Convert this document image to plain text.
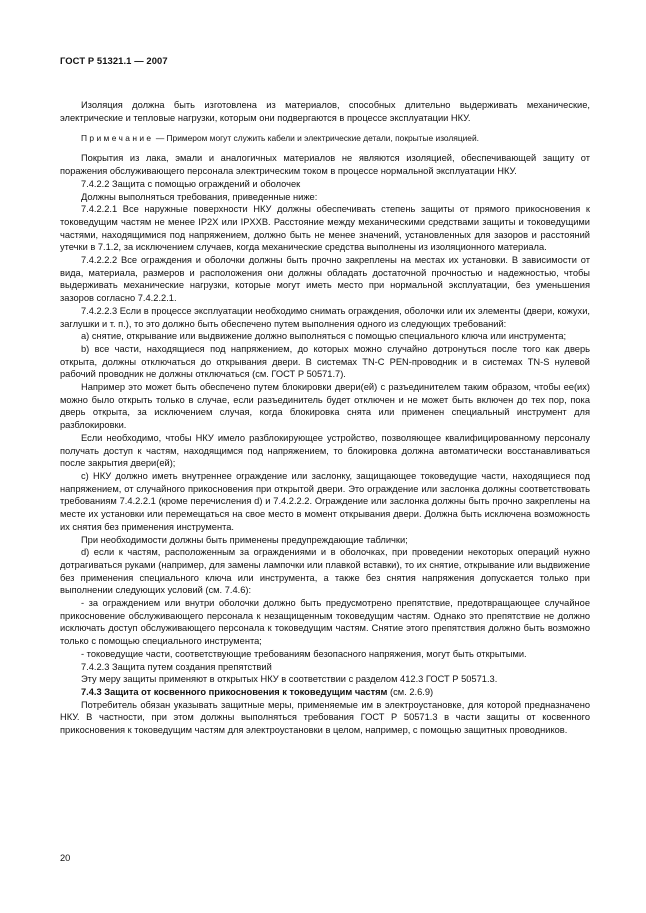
ГОСТ Р 51321.1 — 2007

Изоляция должна быть изготовлена из материалов, способных длительно выдерживать механические, электрические и тепловые нагрузки, которым они подвергаются в процессе эксплуатации НКУ.

Примечание — Примером могут служить кабели и электрические детали, покрытые изоляцией.

Покрытия из лака, эмали и аналогичных материалов не являются изоляцией, обеспечивающей защиту от поражения обслуживающего персонала электрическим током в процессе нормальной эксплуатации НКУ.

7.4.2.2 Защита с помощью ограждений и оболочек

Должны выполняться требования, приведенные ниже:

7.4.2.2.1 Все наружные поверхности НКУ должны обеспечивать степень защиты от прямого прикосновения к токоведущим частям не менее IP2X или IPXXB. Расстояние между механическими средствами защиты и токоведущими частями, находящимися под напряжением, должно быть не менее значений, установленных для зазоров и расстояний утечки в 7.1.2, за исключением случаев, когда механические средства выполнены из изоляционного материала.

7.4.2.2.2 Все ограждения и оболочки должны быть прочно закреплены на местах их установки. В зависимости от вида, материала, размеров и расположения они должны обладать достаточной прочностью и надежностью, чтобы выдерживать механические нагрузки, которые могут иметь место при нормальной эксплуатации, без уменьшения зазоров согласно 7.4.2.2.1.

7.4.2.2.3 Если в процессе эксплуатации необходимо снимать ограждения, оболочки или их элементы (двери, кожухи, заглушки и т. п.), то это должно быть обеспечено путем выполнения одного из следующих требований:

a) снятие, открывание или выдвижение должно выполняться с помощью специального ключа или инструмента;

b) все части, находящиеся под напряжением, до которых можно случайно дотронуться после того как дверь открыта, должны отключаться до открывания двери. В системах TN-C PEN-проводник и в системах TN-S нулевой рабочий проводник не должны отключаться (см. ГОСТ Р 50571.7).

Например это может быть обеспечено путем блокировки двери(ей) с разъединителем таким образом, чтобы ее(их) можно было открыть только в случае, если разъединитель будет отключен и не может быть включен до тех пор, пока дверь открыта, за исключением случая, когда блокировка снята или применен специальный инструмент для разблокировки.

Если необходимо, чтобы НКУ имело разблокирующее устройство, позволяющее квалифицированному персоналу получать доступ к частям, находящимся под напряжением, то блокировка должна автоматически восстанавливаться после закрытия двери(ей);

c) НКУ должно иметь внутреннее ограждение или заслонку, защищающее токоведущие части, находящиеся под напряжением, от случайного прикосновения при открытой двери. Это ограждение или заслонка должны соответствовать требованиям 7.4.2.2.1 (кроме перечисления d) и 7.4.2.2.2. Ограждение или заслонка должны быть прочно закреплены на месте их установки или перемещаться на свое место в момент открывания двери. Должна быть исключена возможность их снятия без применения инструмента.

При необходимости должны быть применены предупреждающие таблички;

d) если к частям, расположенным за ограждениями и в оболочках, при проведении некоторых операций нужно дотрагиваться руками (например, для замены лампочки или плавкой вставки), то их снятие, открывание или выдвижение без применения специального ключа или инструмента, а также без снятия напряжения допускается только при выполнении следующих условий (см. 7.4.6):

- за ограждением или внутри оболочки должно быть предусмотрено препятствие, предотвращающее случайное прикосновение обслуживающего персонала к незащищенным токоведущим частям. Однако это препятствие не должно исключать доступ обслуживающего персонала к токоведущим частям. Снятие этого препятствия должно быть возможно только с помощью специального инструмента;

- токоведущие части, соответствующие требованиям безопасного напряжения, могут быть открытыми.

7.4.2.3 Защита путем создания препятствий

Эту меру защиты применяют в открытых НКУ в соответствии с разделом 412.3 ГОСТ Р 50571.3.

7.4.3 Защита от косвенного прикосновения к токоведущим частям (см. 2.6.9)

Потребитель обязан указывать защитные меры, применяемые им в электроустановке, для которой предназначено НКУ. В частности, при этом должны выполняться требования ГОСТ Р 50571.3 в части защиты от косвенного прикосновения к токоведущим частям для электроустановки в целом, например, с помощью защитных проводников.

20
